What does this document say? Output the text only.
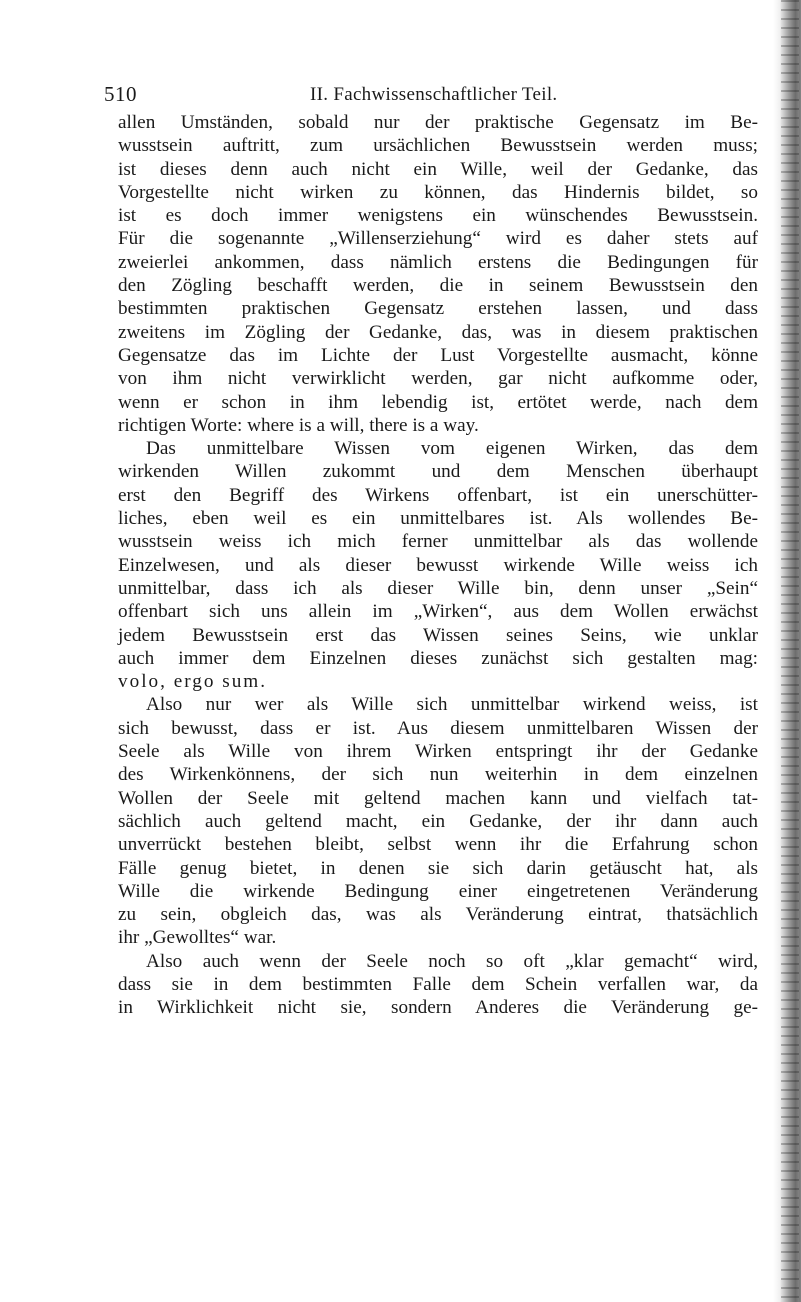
510	II. Fachwissenschaftlicher Teil.
allen Umständen, sobald nur der praktische Gegensatz im Be-
wusstsein auftritt, zum ursächlichen Bewusstsein werden muss;
ist dieses denn auch nicht ein Wille, weil der Gedanke, das
Vorgestellte nicht wirken zu können, das Hindernis bildet, so
ist es doch immer wenigstens ein wünschendes Bewusstsein.
Für die sogenannte „Willenserziehung“ wird es daher stets auf
zweierlei ankommen, dass nämlich erstens die Bedingungen für
den Zögling beschafft werden, die in seinem Bewusstsein den
bestimmten praktischen Gegensatz erstehen lassen, und dass
zweitens im Zögling der Gedanke, das, was in diesem praktischen
Gegensatze das im Lichte der Lust Vorgestellte ausmacht, könne
von ihm nicht verwirklicht werden, gar nicht aufkomme oder,
wenn er schon in ihm lebendig ist, ertötet werde, nach dem
richtigen Worte: where is a will, there is a way.
Das unmittelbare Wissen vom eigenen Wirken, das dem
wirkenden Willen zukommt und dem Menschen überhaupt
erst den Begriff des Wirkens offenbart, ist ein unerschütter-
liches, eben weil es ein unmittelbares ist. Als wollendes Be-
wusstsein weiss ich mich ferner unmittelbar als das wollende
Einzelwesen, und als dieser bewusst wirkende Wille weiss ich
unmittelbar, dass ich als dieser Wille bin, denn unser „Sein“
offenbart sich uns allein im „Wirken“, aus dem Wollen erwächst
jedem Bewusstsein erst das Wissen seines Seins, wie unklar
auch immer dem Einzelnen dieses zunächst sich gestalten mag:
volo, ergo sum.
Also nur wer als Wille sich unmittelbar wirkend weiss, ist
sich bewusst, dass er ist. Aus diesem unmittelbaren Wissen der
Seele als Wille von ihrem Wirken entspringt ihr der Gedanke
des Wirkenkönnens, der sich nun weiterhin in dem einzelnen
Wollen der Seele mit geltend machen kann und vielfach tat-
sächlich auch geltend macht, ein Gedanke, der ihr dann auch
unverrückt bestehen bleibt, selbst wenn ihr die Erfahrung schon
Fälle genug bietet, in denen sie sich darin getäuscht hat, als
Wille die wirkende Bedingung einer eingetretenen Veränderung
zu sein, obgleich das, was als Veränderung eintrat, thatsächlich
ihr „Gewolltes“ war.
Also auch wenn der Seele noch so oft „klar gemacht“ wird,
dass sie in dem bestimmten Falle dem Schein verfallen war, da
in Wirklichkeit nicht sie, sondern Anderes die Veränderung ge-
